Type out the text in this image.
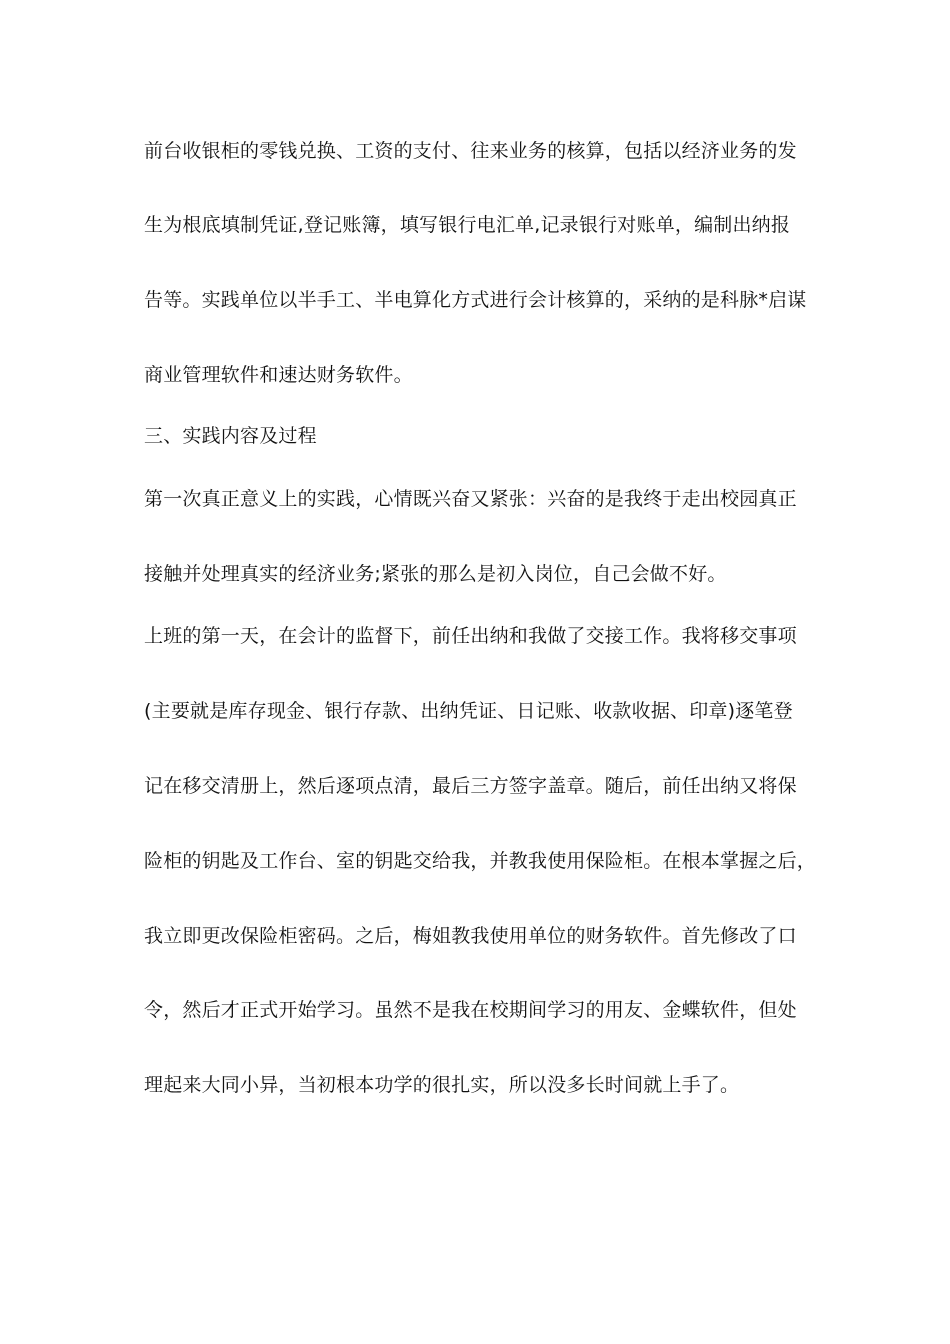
前台收银柜的零钱兑换、工资的支付、往来业务的核算，包括以经济业务的发
生为根底填制凭证,登记账簿，填写银行电汇单,记录银行对账单，编制出纳报
告等。实践单位以半手工、半电算化方式进行会计核算的，采纳的是科脉*启谋
商业管理软件和速达财务软件。
三、实践内容及过程
第一次真正意义上的实践，心情既兴奋又紧张：兴奋的是我终于走出校园真正
接触并处理真实的经济业务;紧张的那么是初入岗位，自己会做不好。
上班的第一天，在会计的监督下，前任出纳和我做了交接工作。我将移交事项
(主要就是库存现金、银行存款、出纳凭证、日记账、收款收据、印章)逐笔登
记在移交清册上，然后逐项点清，最后三方签字盖章。随后，前任出纳又将保
险柜的钥匙及工作台、室的钥匙交给我，并教我使用保险柜。在根本掌握之后，
我立即更改保险柜密码。之后，梅姐教我使用单位的财务软件。首先修改了口
令，然后才正式开始学习。虽然不是我在校期间学习的用友、金蝶软件，但处
理起来大同小异，当初根本功学的很扎实，所以没多长时间就上手了。
